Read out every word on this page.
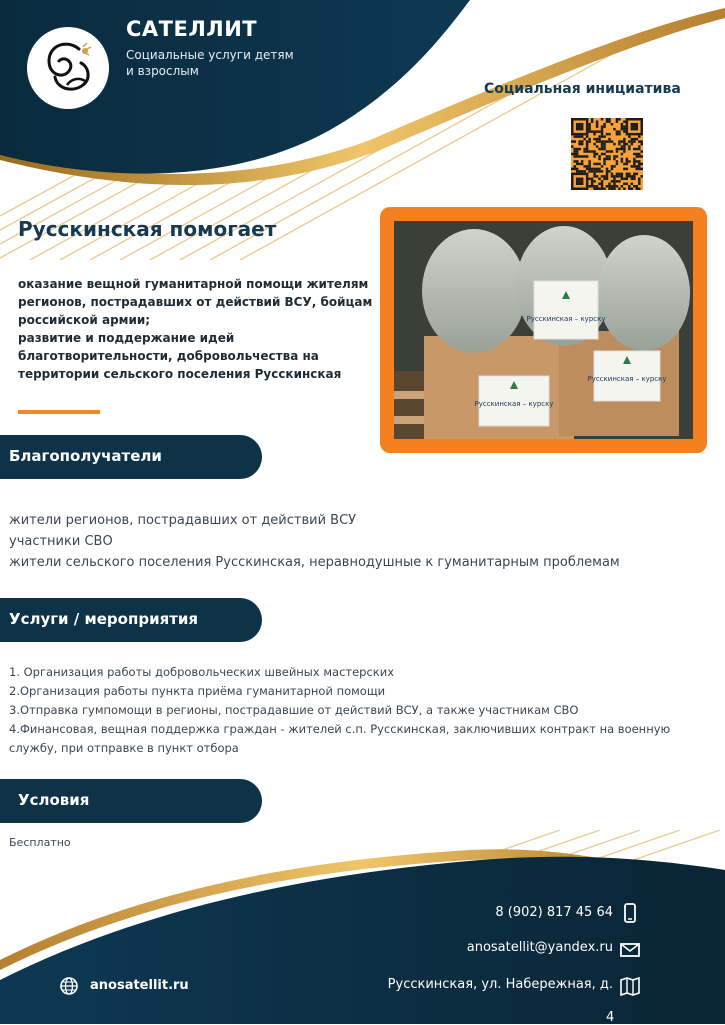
САТЕЛЛИТ
Социальные услуги детям и взрослым
Социальная инициатива
Русскинская помогает
оказание вещной гуманитарной помощи жителям регионов, пострадавших от действий ВСУ, бойцам российской армии;
развитие и поддержание идей благотворительности, добровольчества на территории сельского поселения Русскинская
Русскинская – курску
Русскинская – курску
Русскинская – курску
Благополучатели
жители регионов, пострадавших от действий ВСУ
участники СВО
жители сельского поселения Русскинская, неравнодушные к гуманитарным проблемам
Услуги / мероприятия
1. Организация работы добровольческих швейных мастерских
2.Организация работы пункта приёма гуманитарной помощи
3.Отправка гумпомощи в регионы, пострадавшие от действий ВСУ, а также участникам СВО
4.Финансовая, вещная поддержка граждан - жителей с.п. Русскинская, заключивших контракт на военную службу, при отправке в пункт отбора
Условия
Бесплатно
8 (902) 817 45 64
anosatellit@yandex.ru
Русскинская, ул. Набережная, д.
4
anosatellit.ru
